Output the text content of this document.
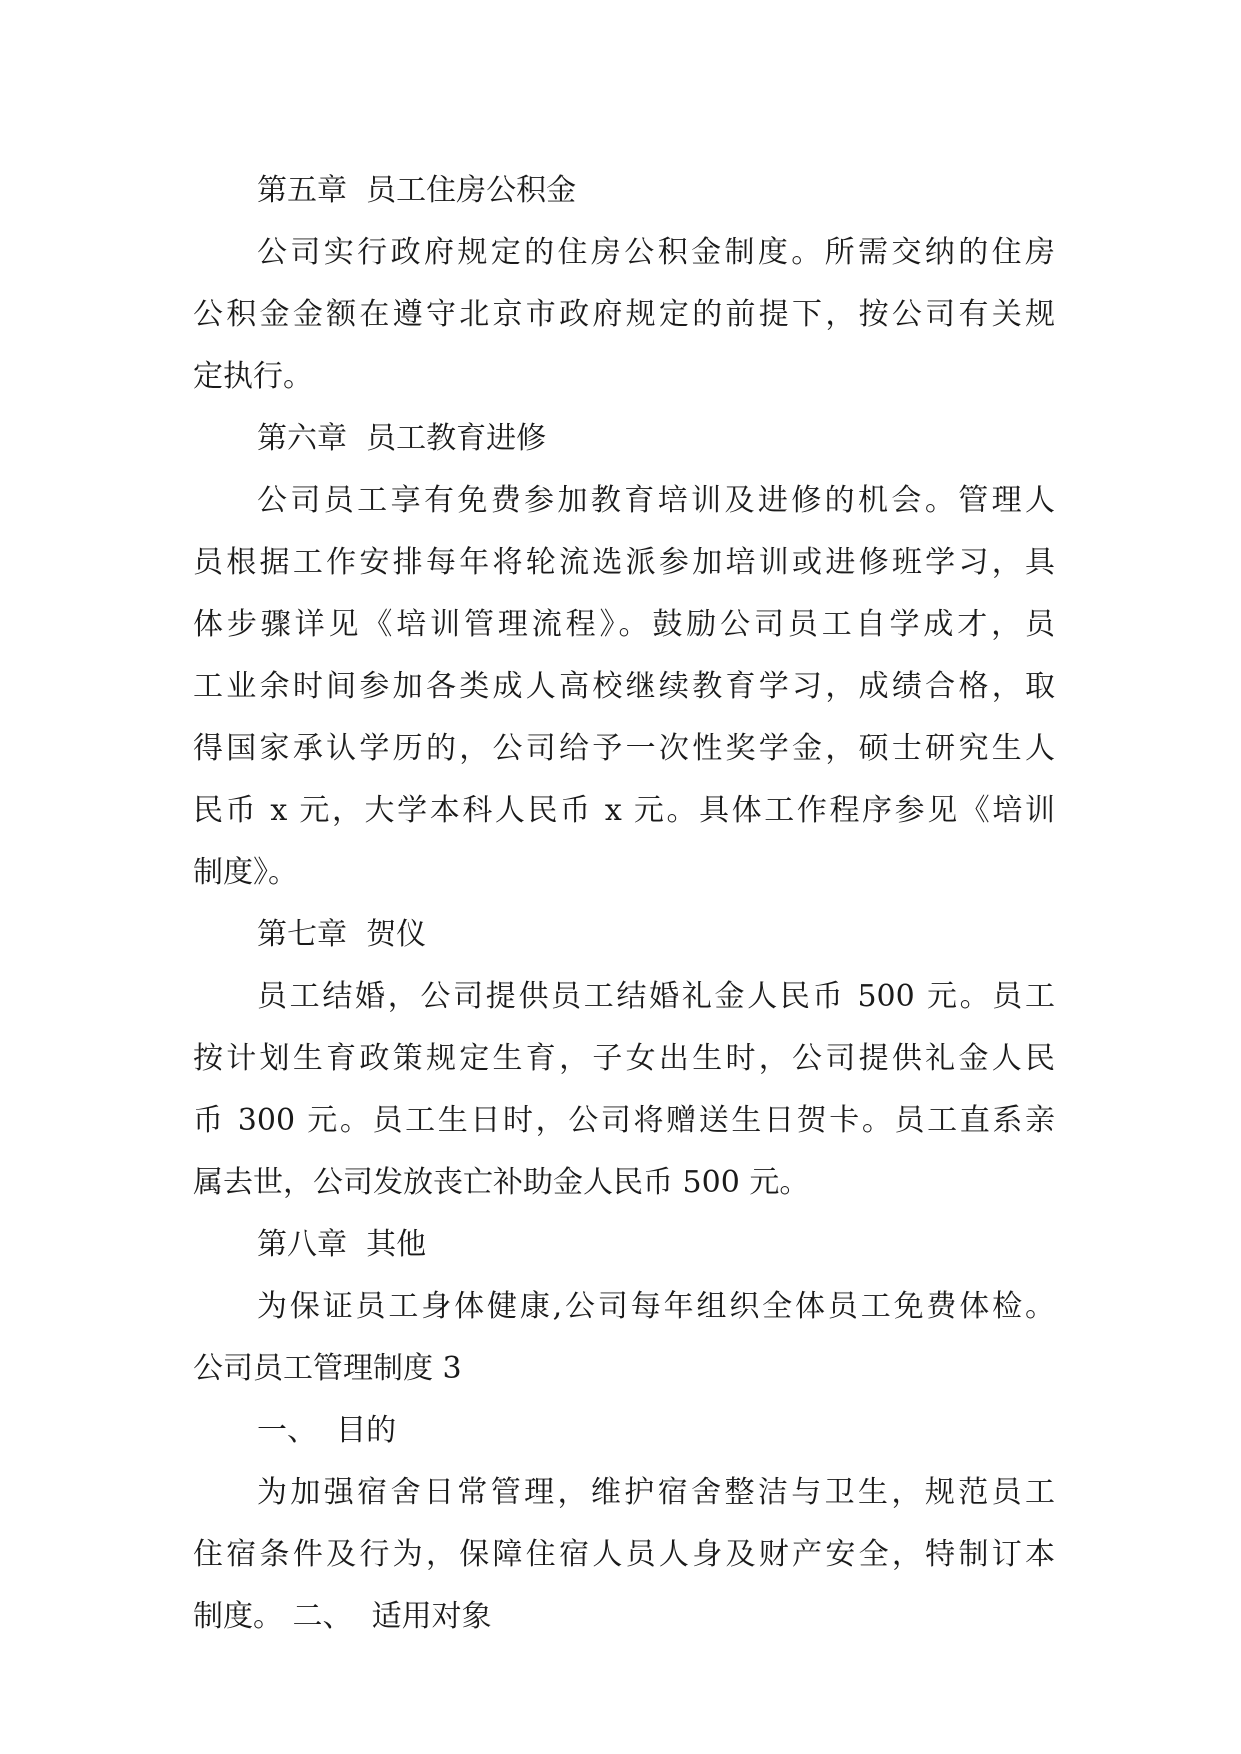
第五章  员工住房公积金

公司实行政府规定的住房公积金制度。所需交纳的住房

公积金金额在遵守北京市政府规定的前提下，按公司有关规

定执行。

第六章  员工教育进修

公司员工享有免费参加教育培训及进修的机会。管理人

员根据工作安排每年将轮流选派参加培训或进修班学习，具

体步骤详见《培训管理流程》。鼓励公司员工自学成才，员

工业余时间参加各类成人高校继续教育学习，成绩合格，取

得国家承认学历的，公司给予一次性奖学金，硕士研究生人

民币 x 元，大学本科人民币 x 元。具体工作程序参见《培训

制度》。

第七章  贺仪

员工结婚，公司提供员工结婚礼金人民币 500 元。员工

按计划生育政策规定生育，子女出生时，公司提供礼金人民

币 300 元。员工生日时，公司将赠送生日贺卡。员工直系亲

属去世，公司发放丧亡补助金人民币 500 元。

第八章  其他

为保证员工身体健康,公司每年组织全体员工免费体检。

公司员工管理制度 3

一、  目的

为加强宿舍日常管理，维护宿舍整洁与卫生，规范员工

住宿条件及行为，保障住宿人员人身及财产安全，特制订本

制度。 二、  适用对象
